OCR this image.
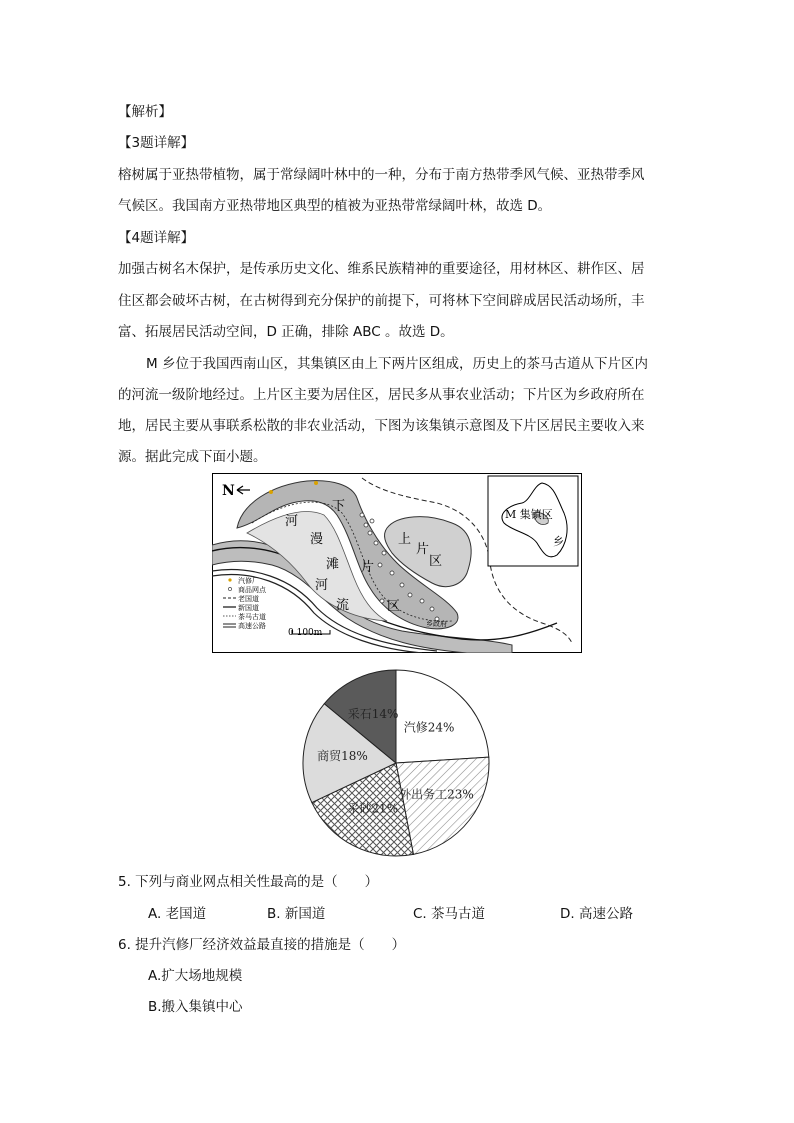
【解析】
【3题详解】
榕树属于亚热带植物，属于常绿阔叶林中的一种，分布于南方热带季风气候、亚热带季风
气候区。我国南方亚热带地区典型的植被为亚热带常绿阔叶林，故选 D。
【4题详解】
加强古树名木保护，是传承历史文化、维系民族精神的重要途径，用材林区、耕作区、居
住区都会破坏古树，在古树得到充分保护的前提下，可将林下空间辟成居民活动场所，丰
富、拓展居民活动空间，D 正确，排除 ABC 。故选 D。
M 乡位于我国西南山区，其集镇区由上下两片区组成，历史上的茶马古道从下片区内
的河流一级阶地经过。上片区主要为居住区，居民多从事农业活动；下片区为乡政府所在
地，居民主要从事联系松散的非农业活动，下图为该集镇示意图及下片区居民主要收入来
源。据此完成下面小题。
N
下
片
区
上
片
区
河
漫
滩
河
流
乡政府
汽修厂
商品网点
老国道
新国道
茶马古道
高速公路
0 100m
M 集镇区
乡
汽修24%
外出务工23%
采砂21%
商贸18%
采石14%
5. 下列与商业网点相关性最高的是（　　）
A. 老国道	B. 新国道	C. 茶马古道	D. 高速公路
6. 提升汽修厂经济效益最直接的措施是（　　）
A.扩大场地规模
B.搬入集镇中心
